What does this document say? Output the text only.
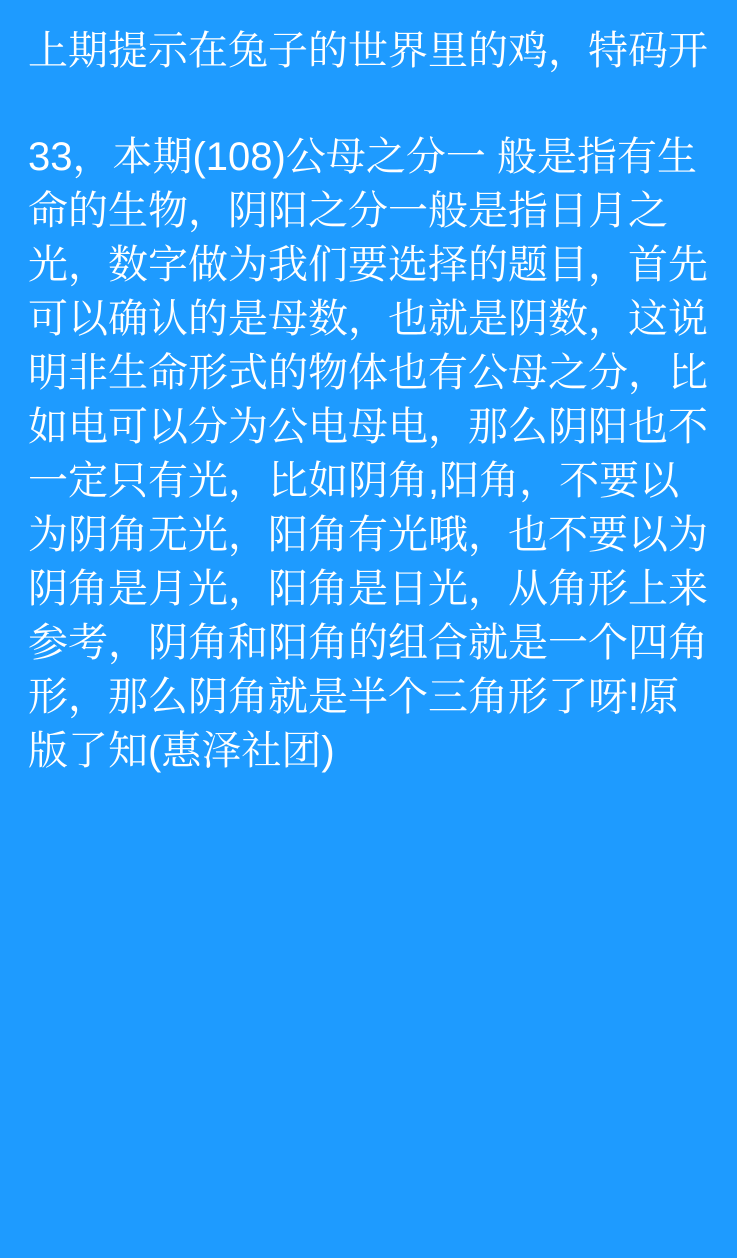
上期提示在兔子的世界里的鸡，特码开

33，本期(108)公母之分一 般是指有生命的生物，阴阳之分一般是指日月之光，数字做为我们要选择的题目，首先可以确认的是母数，也就是阴数，这说明非生命形式的物体也有公母之分，比如电可以分为公电母电，那么阴阳也不一定只有光，比如阴角,阳角，不要以为阴角无光，阳角有光哦，也不要以为阴角是月光，阳角是日光，从角形上来参考，阴角和阳角的组合就是一个四角形，那么阴角就是半个三角形了呀!原版了知(惠泽社团)
